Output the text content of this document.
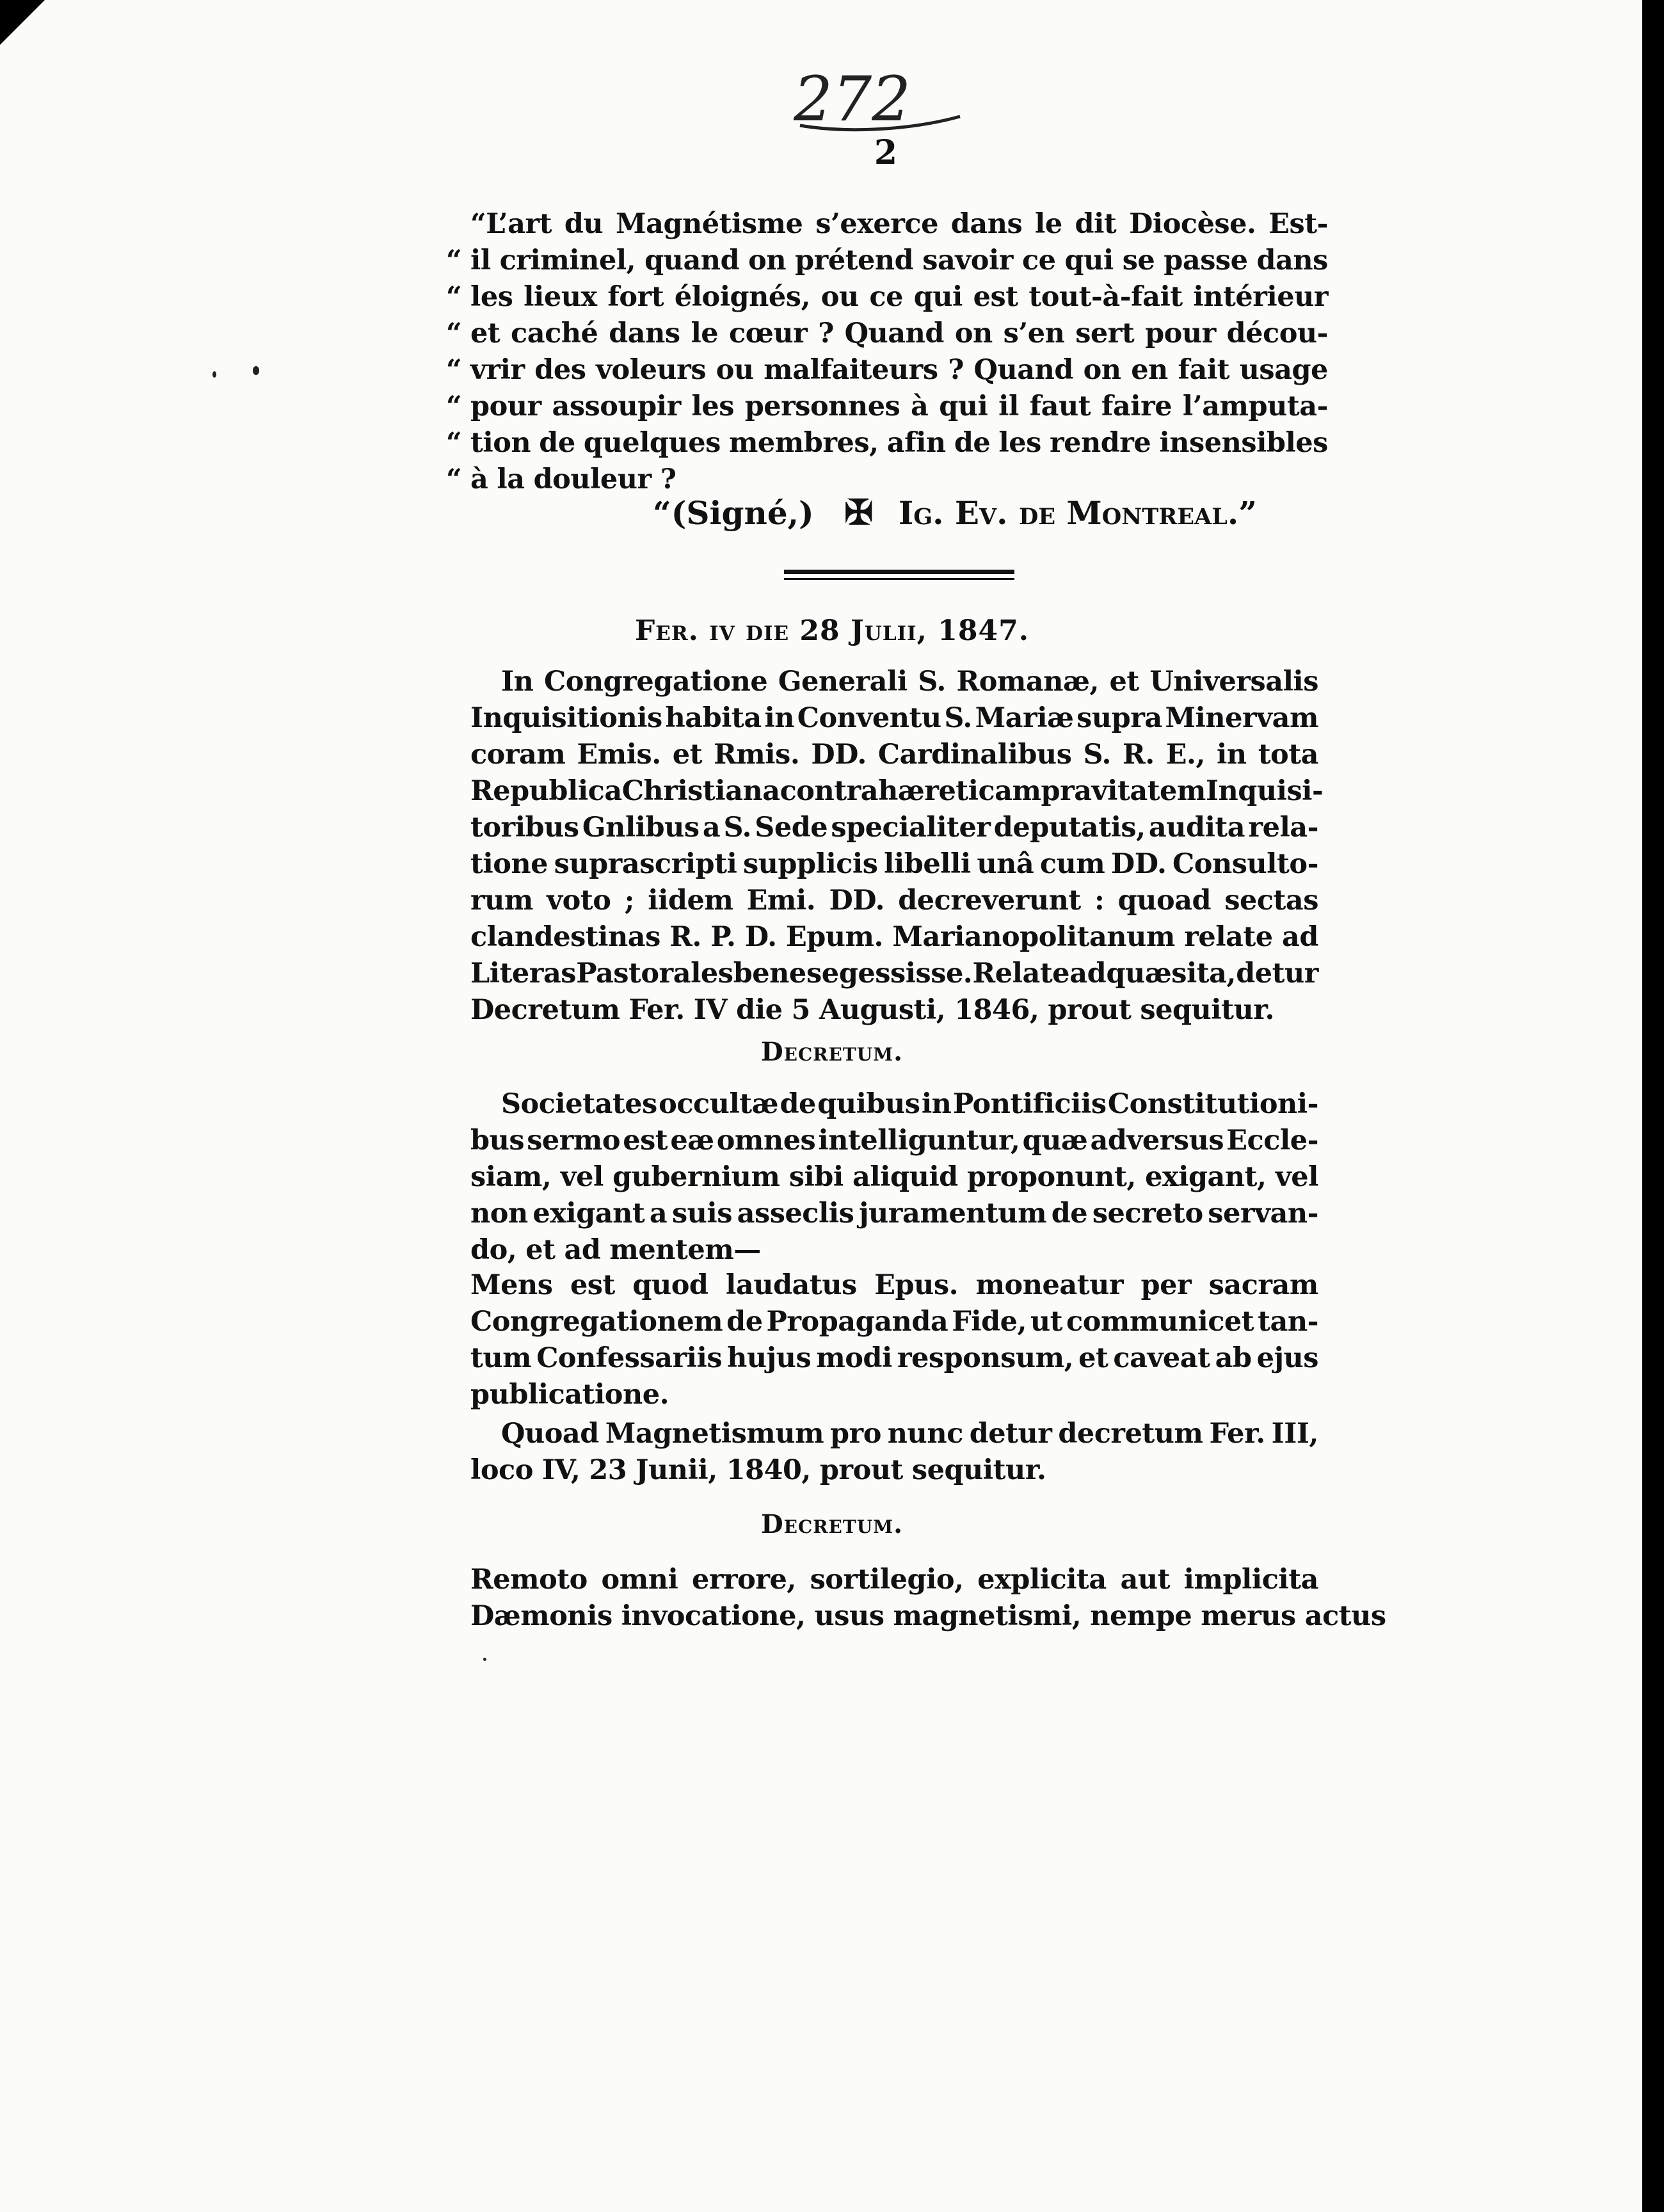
272
2
“L’art du Magnétisme s’exerce dans le dit Diocèse. Est-
“ il criminel, quand on prétend savoir ce qui se passe dans
“ les lieux fort éloignés, ou ce qui est tout-à-fait intérieur
“ et caché dans le cœur ? Quand on s’en sert pour décou-
“ vrir des voleurs ou malfaiteurs ? Quand on en fait usage
“ pour assoupir les personnes à qui il faut faire l’amputa-
“ tion de quelques membres, afin de les rendre insensibles
“ à la douleur ?
“(Signé,) ✠ Ig. Ev. de Montreal.”
Fer. iv die 28 Julii, 1847.
In Congregatione Generali S. Romanæ, et Universalis
Inquisitionis habita in Conventu S. Mariæ supra Minervam
coram Emis. et Rmis. DD. Cardinalibus S. R. E., in tota
Republica Christiana contra hæreticam pravitatem Inquisi-
toribus Gnlibus a S. Sede specialiter deputatis, audita rela-
tione suprascripti supplicis libelli unâ cum DD. Consulto-
rum voto ; iidem Emi. DD. decreverunt : quoad sectas
clandestinas R. P. D. Epum. Marianopolitanum relate ad
Literas Pastorales bene se gessisse. Relate ad quæsita, detur
Decretum Fer. IV die 5 Augusti, 1846, prout sequitur.
Decretum.
Societates occultæ de quibus in Pontificiis Constitutioni-
bus sermo est eæ omnes intelliguntur, quæ adversus Eccle-
siam, vel gubernium sibi aliquid proponunt, exigant, vel
non exigant a suis asseclis juramentum de secreto servan-
do, et ad mentem—
Mens est quod laudatus Epus. moneatur per sacram
Congregationem de Propaganda Fide, ut communicet tan-
tum Confessariis hujus modi responsum, et caveat ab ejus
publicatione.
Quoad Magnetismum pro nunc detur decretum Fer. III,
loco IV, 23 Junii, 1840, prout sequitur.
Decretum.
Remoto omni errore, sortilegio, explicita aut implicita
Dæmonis invocatione, usus magnetismi, nempe merus actus
